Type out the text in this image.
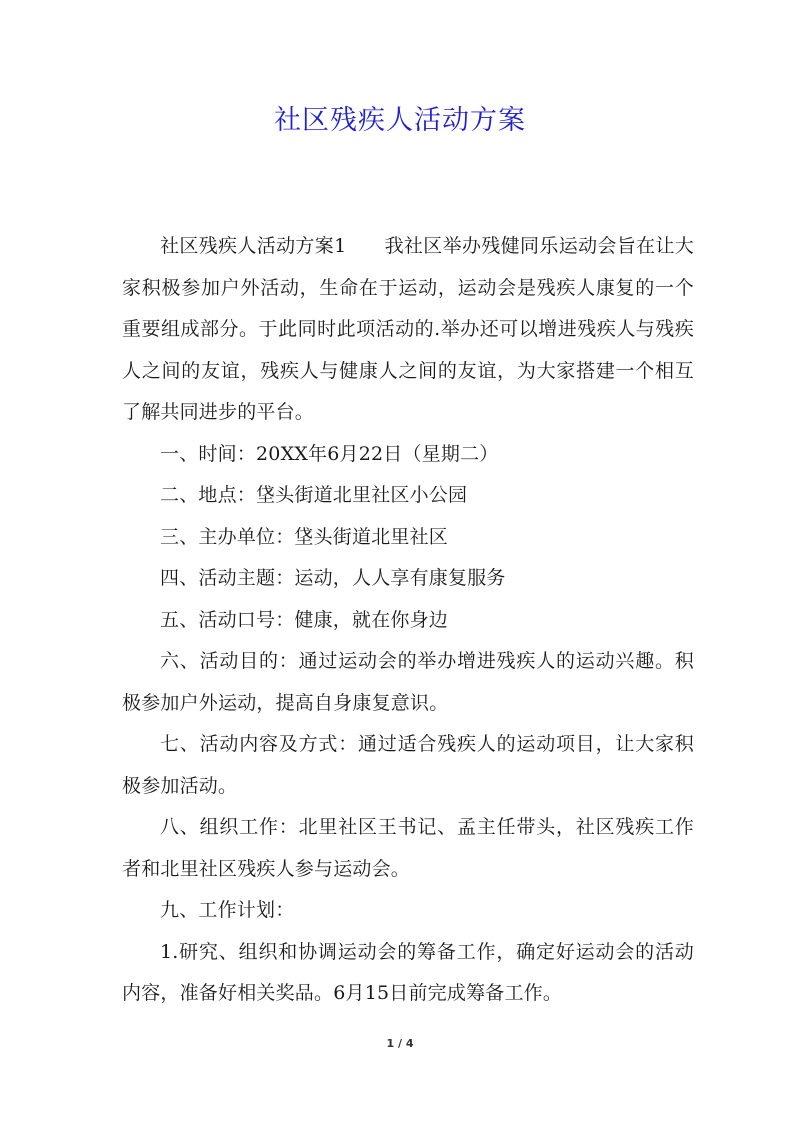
社区残疾人活动方案

社区残疾人活动方案1 我社区举办残健同乐运动会旨在让大家积极参加户外活动，生命在于运动，运动会是残疾人康复的一个重要组成部分。于此同时此项活动的.举办还可以增进残疾人与残疾人之间的友谊，残疾人与健康人之间的友谊，为大家搭建一个相互了解共同进步的平台。

一、时间：20XX年6月22日（星期二）

二、地点：垡头街道北里社区小公园

三、主办单位：垡头街道北里社区

四、活动主题：运动，人人享有康复服务

五、活动口号：健康，就在你身边

六、活动目的：通过运动会的举办增进残疾人的运动兴趣。积极参加户外运动，提高自身康复意识。

七、活动内容及方式：通过适合残疾人的运动项目，让大家积极参加活动。

八、组织工作：北里社区王书记、孟主任带头，社区残疾工作者和北里社区残疾人参与运动会。

九、工作计划：

1.研究、组织和协调运动会的筹备工作，确定好运动会的活动内容，准备好相关奖品。6月15日前完成筹备工作。

1 / 4
